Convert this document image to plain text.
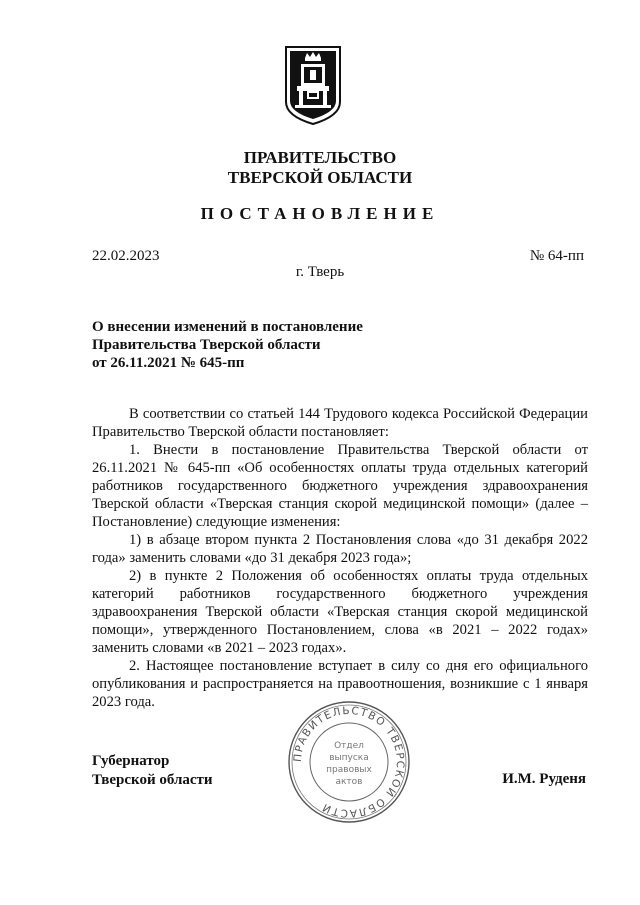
ПРАВИТЕЛЬСТВО
ТВЕРСКОЙ ОБЛАСТИ
ПОСТАНОВЛЕНИЕ
22.02.2023	№ 64-пп
г. Тверь
О внесении изменений в постановление
Правительства Тверской области
от 26.11.2021 № 645-пп

В соответствии со статьей 144 Трудового кодекса Российской Федерации Правительство Тверской области постановляет:

1. Внести в постановление Правительства Тверской области от 26.11.2021 № 645-пп «Об особенностях оплаты труда отдельных категорий работников государственного бюджетного учреждения здравоохранения Тверской области «Тверская станция скорой медицинской помощи» (далее – Постановление) следующие изменения:

1) в абзаце втором пункта 2 Постановления слова «до 31 декабря 2022 года» заменить словами «до 31 декабря 2023 года»;

2) в пункте 2 Положения об особенностях оплаты труда отдельных категорий работников государственного бюджетного учреждения здравоохранения Тверской области «Тверская станция скорой медицинской помощи», утвержденного Постановлением, слова «в 2021 – 2022 годах» заменить словами «в 2021 – 2023 годах».

2. Настоящее постановление вступает в силу со дня его официального опубликования и распространяется на правоотношения, возникшие с 1 января 2023 года.

ПРАВИТЕЛЬСТВО ТВЕРСКОЙ ОБЛАСТИ
Отдел
выпуска
правовых
актов
Губернатор
Тверской области	И.М. Руденя
